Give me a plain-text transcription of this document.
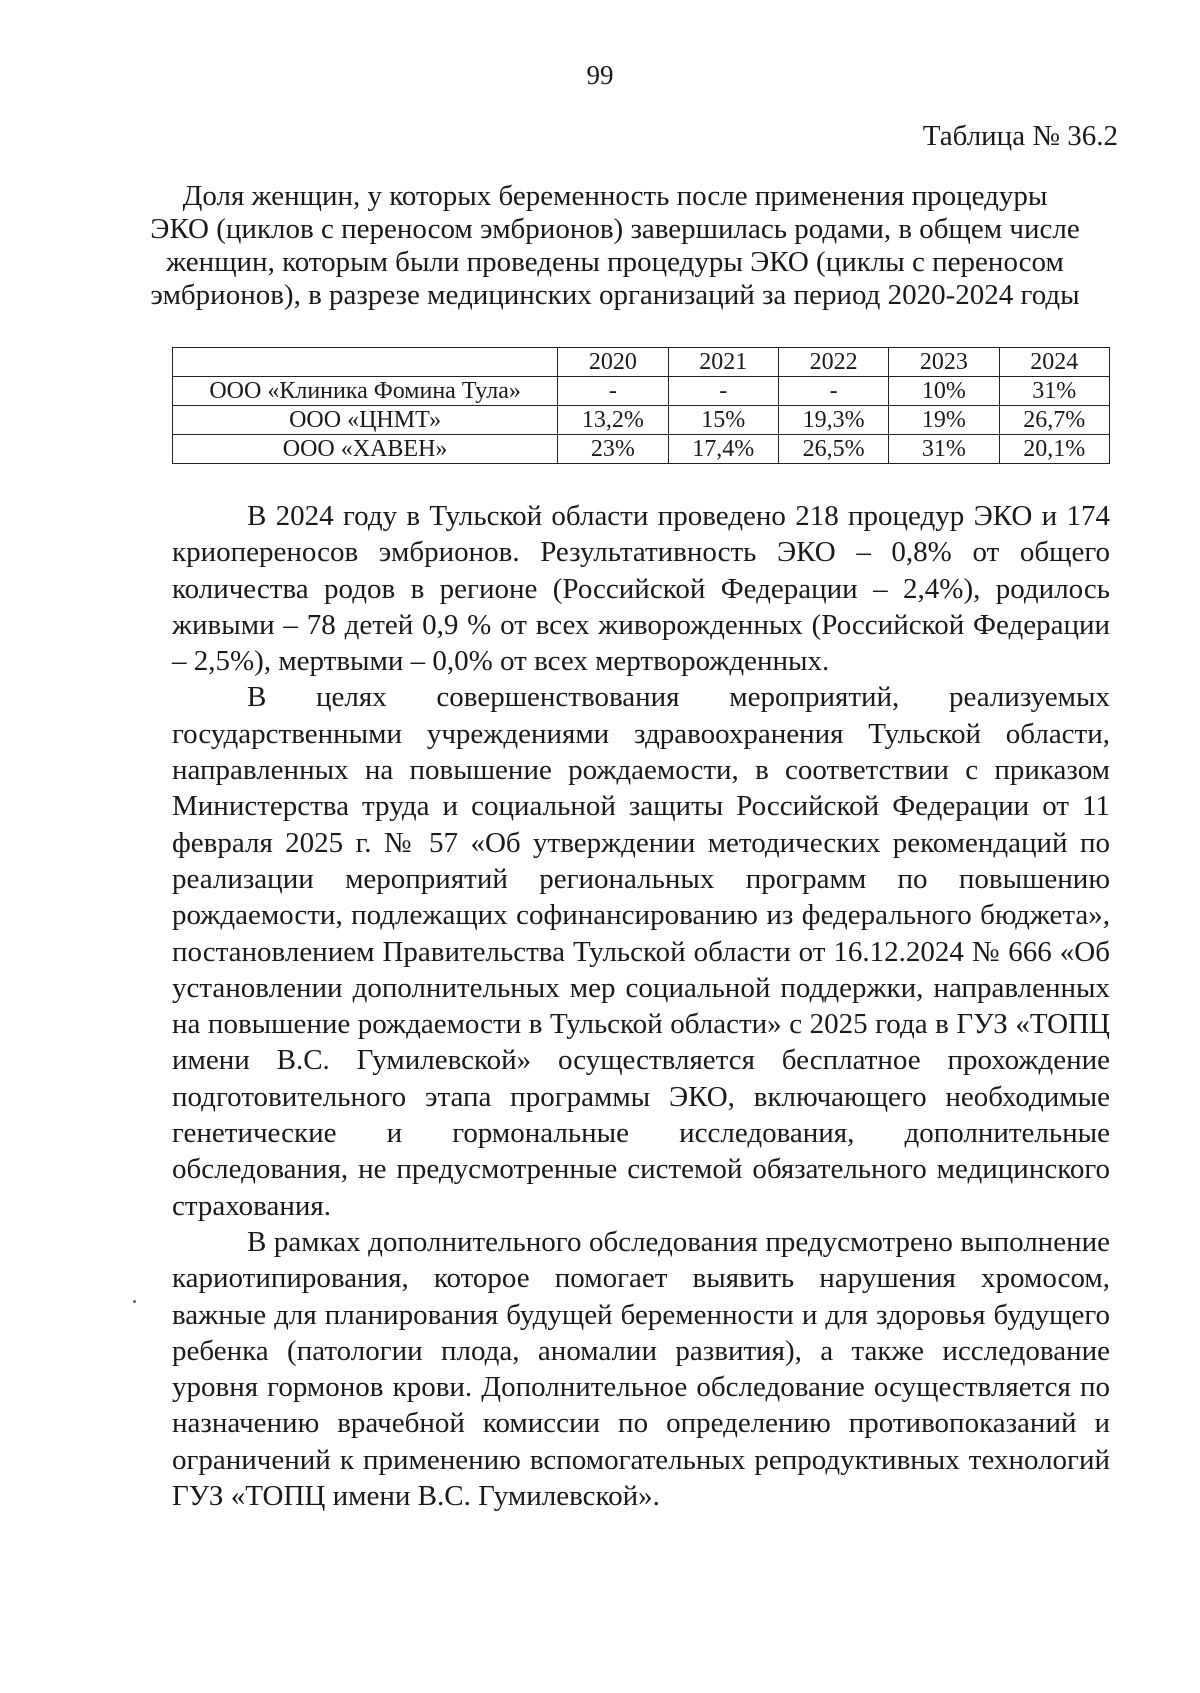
99
Таблица № 36.2
Доля женщин, у которых беременность после применения процедуры ЭКО (циклов с переносом эмбрионов) завершилась родами, в общем числе женщин, которым были проведены процедуры ЭКО (циклы с переносом эмбрионов), в разрезе медицинских организаций за период 2020-2024 годы
	2020	2021	2022	2023	2024
ООО «Клиника Фомина Тула»	-	-	-	10%	31%
ООО «ЦНМТ»	13,2%	15%	19,3%	19%	26,7%
ООО «ХАВЕН»	23%	17,4%	26,5%	31%	20,1%

В 2024 году в Тульской области проведено 218 процедур ЭКО и 174 криопереносов эмбрионов. Результативность ЭКО – 0,8% от общего количества родов в регионе (Российской Федерации – 2,4%), родилось живыми – 78 детей 0,9 % от всех живорожденных (Российской Федерации – 2,5%), мертвыми – 0,0% от всех мертворожденных.

В целях совершенствования мероприятий, реализуемых государственными учреждениями здравоохранения Тульской области, направленных на повышение рождаемости, в соответствии с приказом Министерства труда и социальной защиты Российской Федерации от 11 февраля 2025 г. № 57 «Об утверждении методических рекомендаций по реализации мероприятий региональных программ по повышению рождаемости, подлежащих софинансированию из федерального бюджета», постановлением Правительства Тульской области от 16.12.2024 № 666 «Об установлении дополнительных мер социальной поддержки, направленных на повышение рождаемости в Тульской области» с 2025 года в ГУЗ «ТОПЦ имени В.С. Гумилевской» осуществляется бесплатное прохождение подготовительного этапа программы ЭКО, включающего необходимые генетические и гормональные исследования, дополнительные обследования, не предусмотренные системой обязательного медицинского страхования.

В рамках дополнительного обследования предусмотрено выполнение кариотипирования, которое помогает выявить нарушения хромосом, важные для планирования будущей беременности и для здоровья будущего ребенка (патологии плода, аномалии развития), а также исследование уровня гормонов крови. Дополнительное обследование осуществляется по назначению врачебной комиссии по определению противопоказаний и ограничений к применению вспомогательных репродуктивных технологий ГУЗ «ТОПЦ имени В.С. Гумилевской».
